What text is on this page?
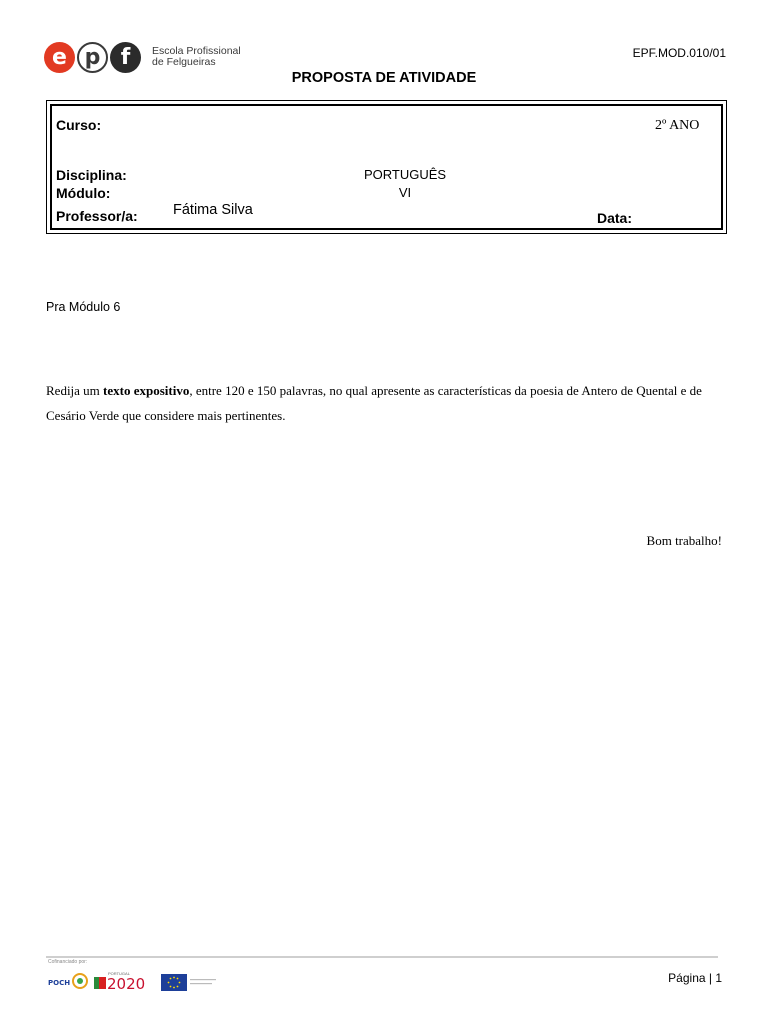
e p f	Escola Profissional
de Felgueiras
EPF.MOD.010/01
PROPOSTA DE ATIVIDADE
Curso:	2º ANO
Disciplina:	PORTUGUÊS
Módulo:	VI
Professor/a: Fátima Silva	Data:
Pra Módulo 6
Redija um texto expositivo, entre 120 e 150 palavras, no qual apresente as características da poesia de Antero de Quental e de Cesário Verde que considere mais pertinentes.
Bom trabalho!
Cofinanciado por:
POCH
PORTUGAL
2020	Página | 1
